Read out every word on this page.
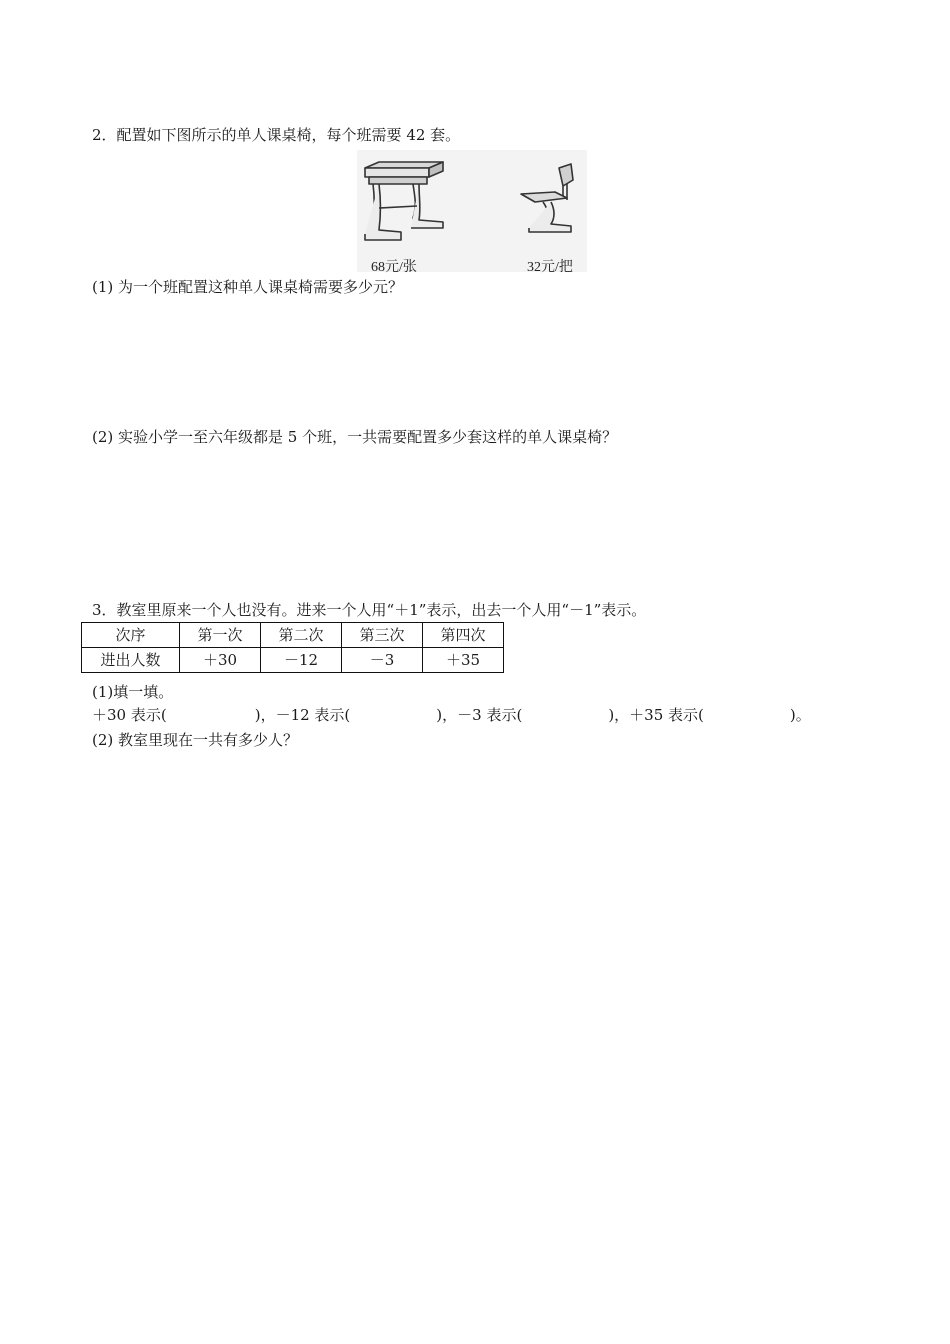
2．配置如下图所示的单人课桌椅，每个班需要 42 套。
68元/张	32元/把
(1) 为一个班配置这种单人课桌椅需要多少元？
(2) 实验小学一至六年级都是 5 个班，一共需要配置多少套这样的单人课桌椅？
3．教室里原来一个人也没有。进来一个人用“＋1”表示，出去一个人用“－1”表示。
次序	第一次	第二次	第三次	第四次
进出人数	＋30	－12	－3	＋35
(1)填一填。
＋30 表示(	)，－12 表示(	)，－3 表示(	)，＋35 表示(	)。
(2) 教室里现在一共有多少人？
